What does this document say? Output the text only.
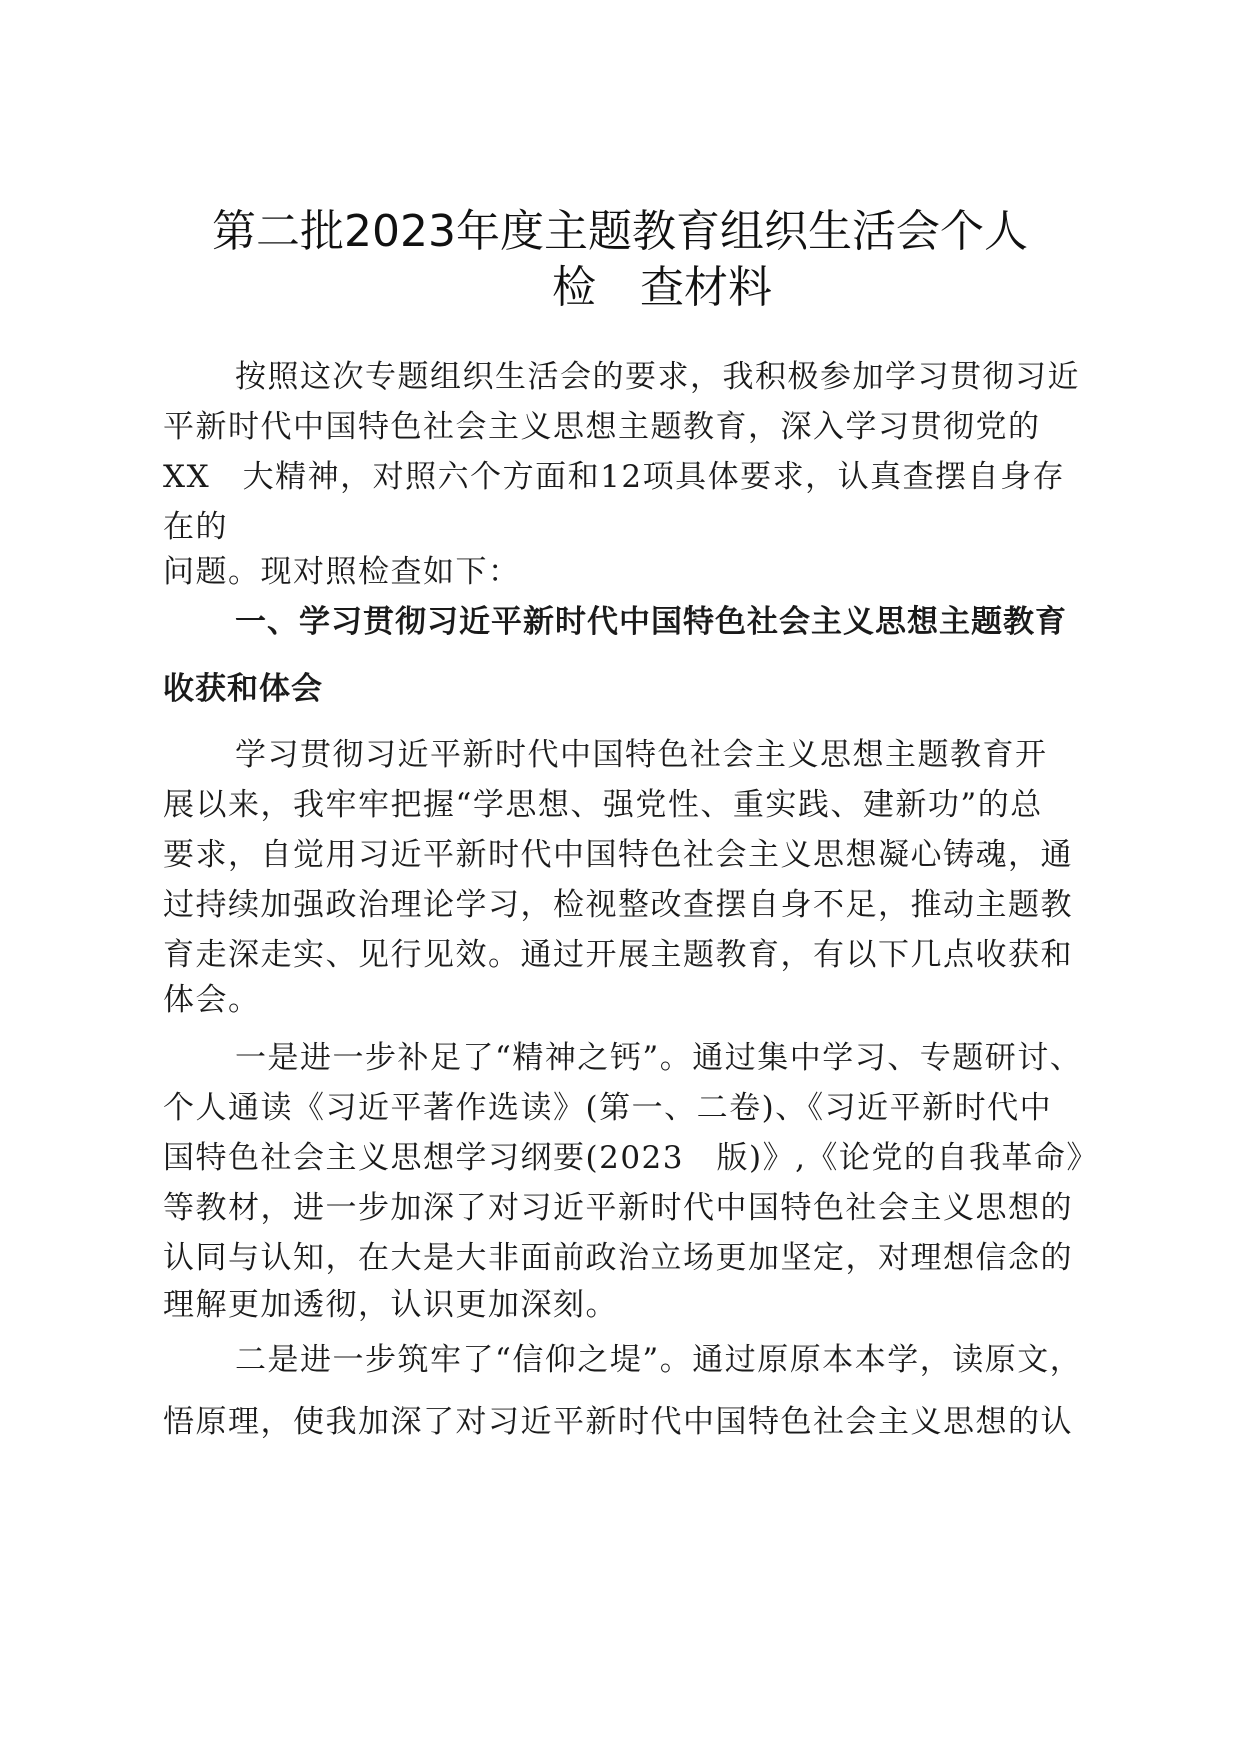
第二批2023年度主题教育组织生活会个人
检　查材料
按照这次专题组织生活会的要求，我积极参加学习贯彻习近
平新时代中国特色社会主义思想主题教育，深入学习贯彻党的
XX　大精神，对照六个方面和12项具体要求，认真查摆自身存
在的
问题。现对照检查如下：
一、学习贯彻习近平新时代中国特色社会主义思想主题教育
收获和体会
学习贯彻习近平新时代中国特色社会主义思想主题教育开
展以来，我牢牢把握“学思想、强党性、重实践、建新功”的总
要求，自觉用习近平新时代中国特色社会主义思想凝心铸魂，通
过持续加强政治理论学习，检视整改查摆自身不足，推动主题教
育走深走实、见行见效。通过开展主题教育，有以下几点收获和
体会。
一是进一步补足了“精神之钙”。通过集中学习、专题研讨、
个人通读《习近平著作选读》(第一、二卷)、《习近平新时代中
国特色社会主义思想学习纲要(2023　版)》,《论党的自我革命》
等教材，进一步加深了对习近平新时代中国特色社会主义思想的
认同与认知，在大是大非面前政治立场更加坚定，对理想信念的
理解更加透彻，认识更加深刻。
二是进一步筑牢了“信仰之堤”。通过原原本本学，读原文，
悟原理，使我加深了对习近平新时代中国特色社会主义思想的认
